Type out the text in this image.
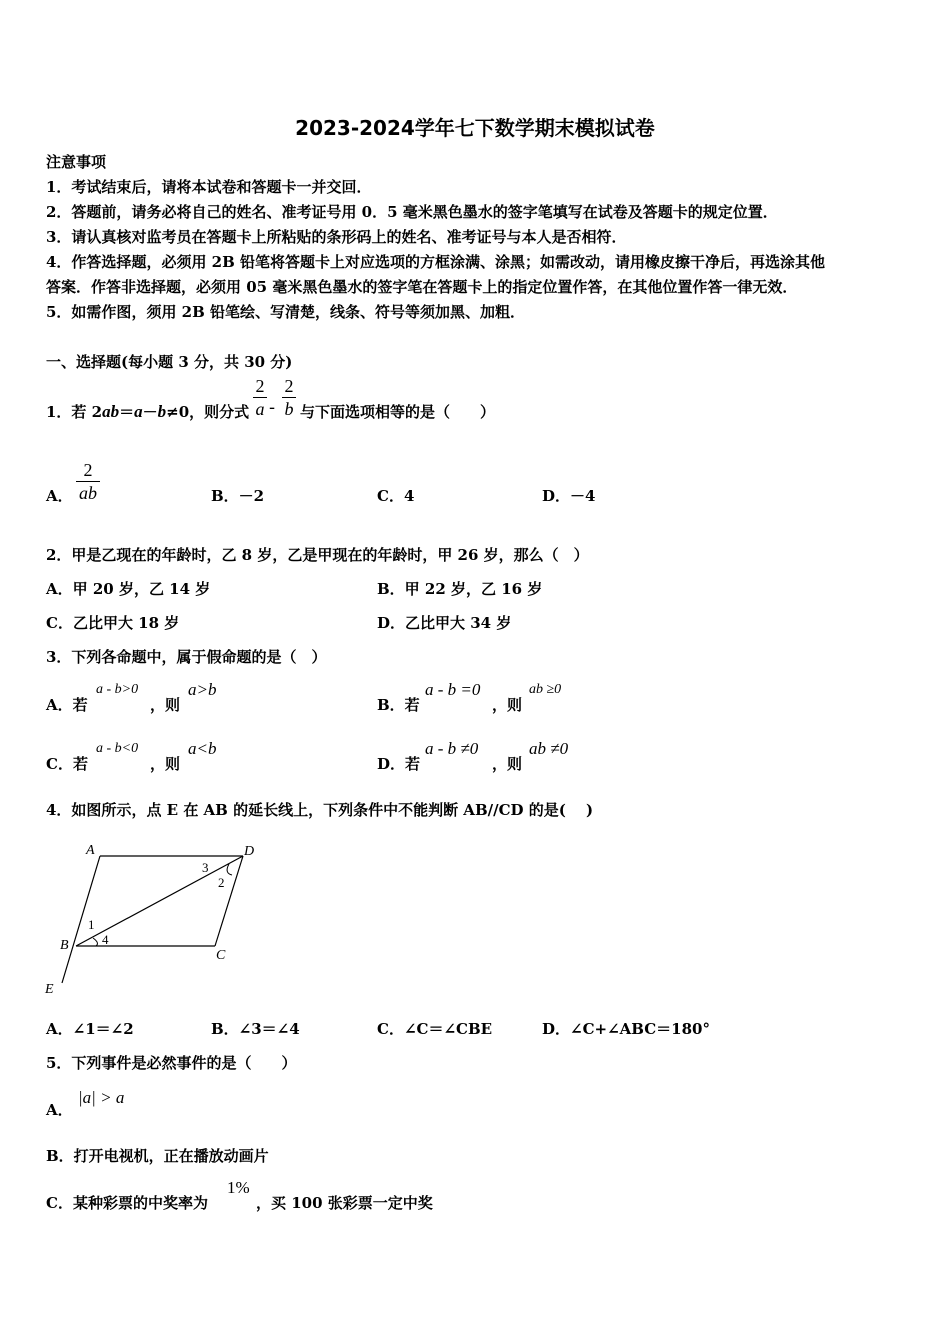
2023-2024学年七下数学期末模拟试卷
注意事项
1．考试结束后，请将本试卷和答题卡一并交回．
2．答题前，请务必将自己的姓名、准考证号用 0．5 毫米黑色墨水的签字笔填写在试卷及答题卡的规定位置．
3．请认真核对监考员在答题卡上所粘贴的条形码上的姓名、准考证号与本人是否相符．
4．作答选择题，必须用 2B 铅笔将答题卡上对应选项的方框涂满、涂黑；如需改动，请用橡皮擦干净后，再选涂其他
答案．作答非选择题，必须用 05 毫米黑色墨水的签字笔在答题卡上的指定位置作答，在其他位置作答一律无效．
5．如需作图，须用 2B 铅笔绘、写清楚，线条、符号等须加黑、加粗．
一、选择题(每小题 3 分，共 30 分)
1．若 2ab＝a－b≠0，则分式
2
a -
2
b 与下面选项相等的是（　　）
A．
2
ab	B．－2	C．4	D．－4
2．甲是乙现在的年龄时，乙 8 岁，乙是甲现在的年龄时，甲 26 岁，那么（　）
A．甲 20 岁，乙 14 岁	B．甲 22 岁，乙 16 岁
C．乙比甲大 18 岁	D．乙比甲大 34 岁
3．下列各命题中，属于假命题的是（　）
A．若
a - b>0
，则
a>b
B．若
a - b =0
，则
ab ≥0
C．若
a - b<0
，则
a<b
D．若
a - b ≠0
，则
ab ≠0
4．如图所示，点 E 在 AB 的延长线上，下列条件中不能判断 AB//CD 的是(　 )
A	D
B
C
E
3
2
1
4
A．∠1＝∠2	B．∠3＝∠4	C．∠C＝∠CBE	D．∠C+∠ABC＝180°
5．下列事件是必然事件的是（　　）
A．
|a| > a
B．打开电视机，正在播放动画片
C．某种彩票的中奖率为
1%
，买 100 张彩票一定中奖
